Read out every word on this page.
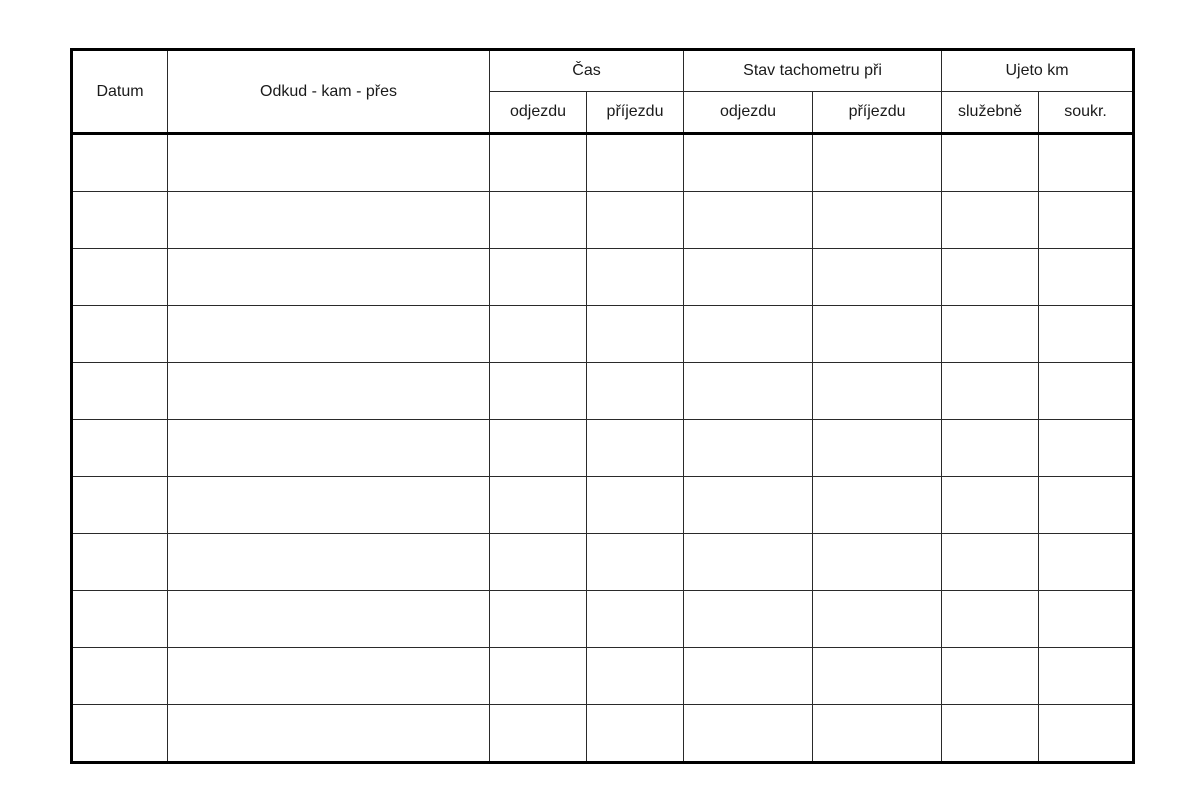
Datum	Odkud - kam - přes	Čas		Stav tachometru při		Ujeto km	
		odjezdu	příjezdu	odjezdu	příjezdu	služebně	soukr.
